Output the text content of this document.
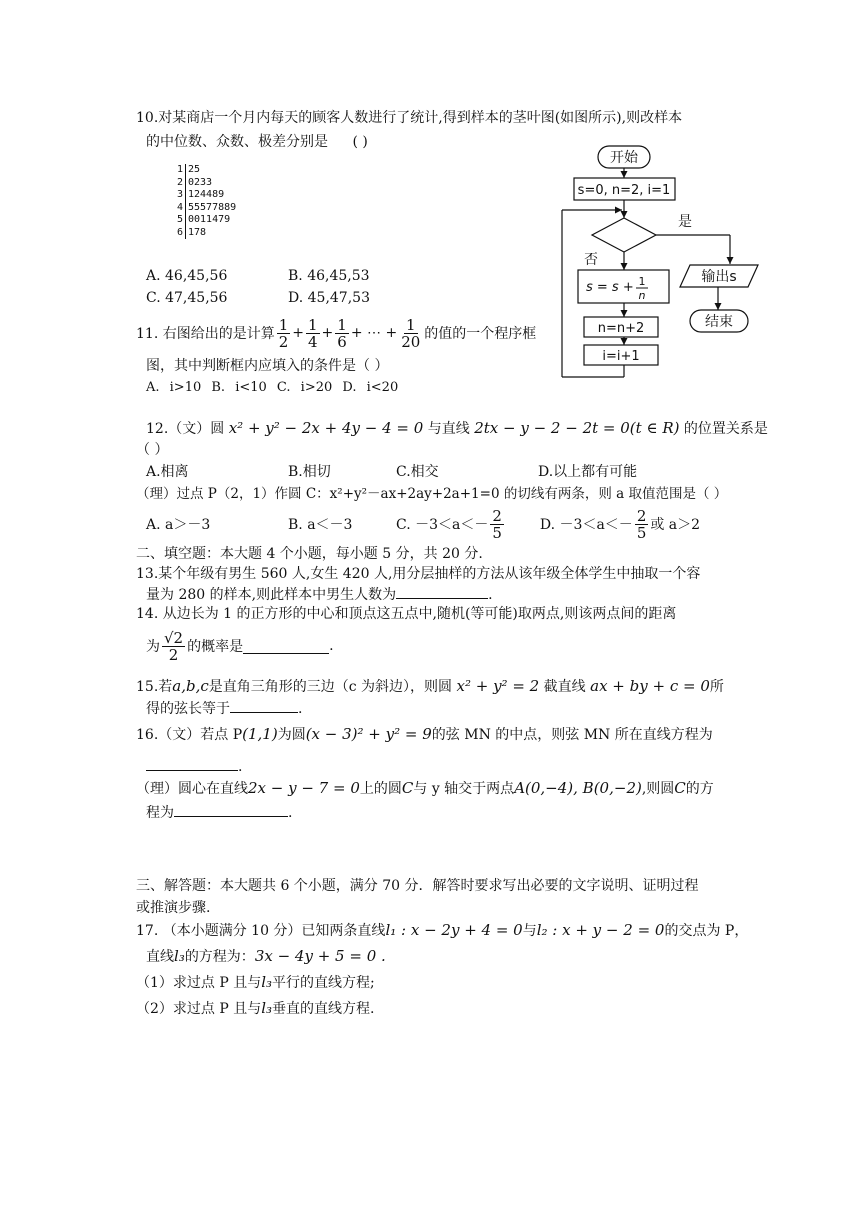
10.对某商店一个月内每天的顾客人数进行了统计,得到样本的茎叶图(如图所示),则改样本
的中位数、众数、极差分别是 ( )
1 25
2 0233
3 124489
4 55577889
5 0011479
6 178
A. 46,45,56	B. 46,45,53
C. 47,45,56	D. 45,47,53
11. 右图给出的是计算 $\frac{1}{2} + \frac{1}{4} + \frac{1}{6}$ + ⋯ + $\frac{1}{20}$ 的值的一个程序框
图，其中判断框内应填入的条件是（ ）
A. i>10 B. i<10 C. i>20 D. i<20
开始
s=0, n=2, i=1
是
否
输出s
结束
s = s + 1
n
n=n+2
i=i+1
12.（文）圆 x² + y² − 2x + 4y − 4 = 0 与直线 2tx − y − 2 − 2t = 0(t ∈ R) 的位置关系是
（ ）
A.相离	B.相切	C.相交	D.以上都有可能
（理）过点 P（2，1）作圆 C：x²+y²－ax+2ay+2a+1=0 的切线有两条，则 a 取值范围是（ ）
A. a＞－3	B. a＜－3	C. $-3<a<- \frac{2}{5}$	D. $-3<a<- \frac{2}{5}$ 或 a＞2
二、填空题：本大题 4 个小题，每小题 5 分，共 20 分.
13.某个年级有男生 560 人,女生 420 人,用分层抽样的方法从该年级全体学生中抽取一个容
量为 280 的样本,则此样本中男生人数为	.
14. 从边长为 1 的正方形的中心和顶点这五点中,随机(等可能)取两点,则该两点间的距离
为 $\frac{√2}{2}$ 的概率是	.
15.若a,b,c是直角三角形的三边（c 为斜边），则圆 x² + y² = 2 截直线 ax + by + c = 0所
得的弦长等于	.
16.（文）若点 P(1,1)为圆(x − 3)² + y² = 9的弦 MN 的中点，则弦 MN 所在直线方程为
.
（理）圆心在直线2x − y − 7 = 0上的圆C与 y 轴交于两点A(0,−4), B(0,−2),则圆C的方
程为	.
三、解答题：本大题共 6 个小题，满分 70 分．解答时要求写出必要的文字说明、证明过程
或推演步骤.
17. （本小题满分 10 分）已知两条直线l₁ : x − 2y + 4 = 0与l₂ : x + y − 2 = 0的交点为 P，
直线l₃的方程为：3x − 4y + 5 = 0 .
（1）求过点 P 且与l₃平行的直线方程;
（2）求过点 P 且与l₃垂直的直线方程.
